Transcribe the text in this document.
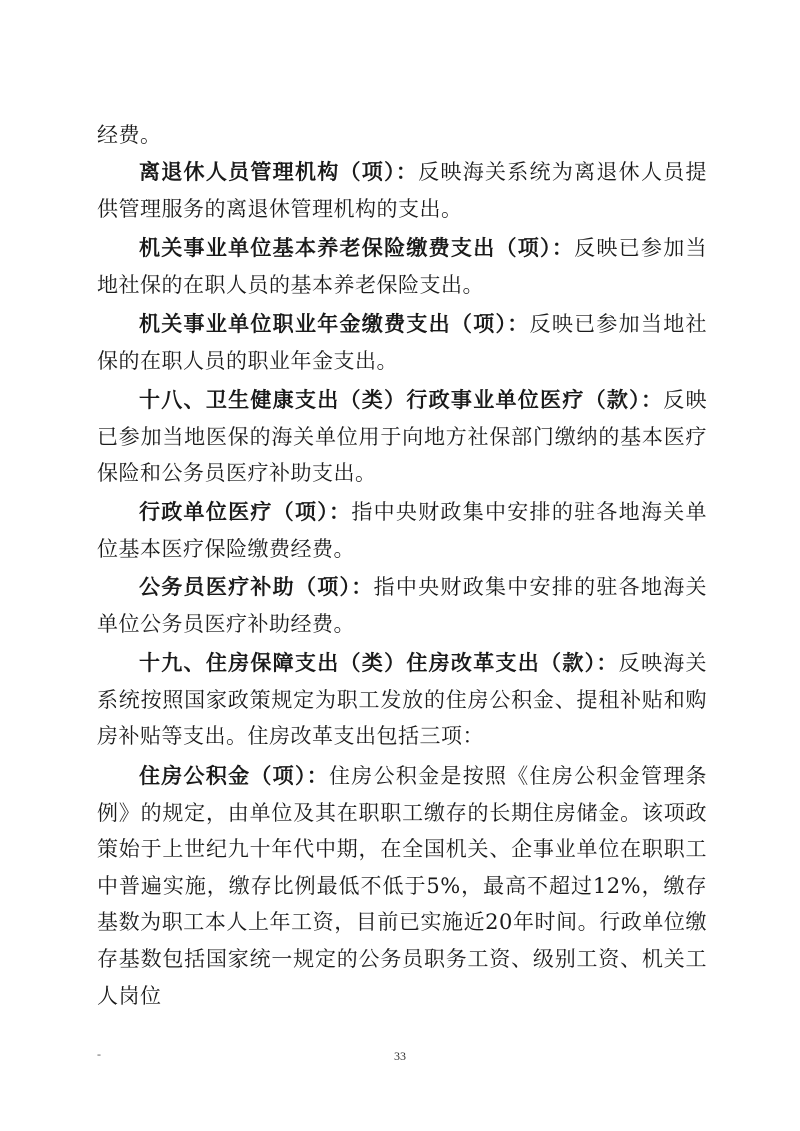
经费。

离退休人员管理机构（项）：反映海关系统为离退休人员提供管理服务的离退休管理机构的支出。

机关事业单位基本养老保险缴费支出（项）：反映已参加当地社保的在职人员的基本养老保险支出。

机关事业单位职业年金缴费支出（项）：反映已参加当地社保的在职人员的职业年金支出。

十八、卫生健康支出（类）行政事业单位医疗（款）：反映已参加当地医保的海关单位用于向地方社保部门缴纳的基本医疗保险和公务员医疗补助支出。

行政单位医疗（项）：指中央财政集中安排的驻各地海关单位基本医疗保险缴费经费。

公务员医疗补助（项）：指中央财政集中安排的驻各地海关单位公务员医疗补助经费。

十九、住房保障支出（类）住房改革支出（款）：反映海关系统按照国家政策规定为职工发放的住房公积金、提租补贴和购房补贴等支出。住房改革支出包括三项：

住房公积金（项）：住房公积金是按照《住房公积金管理条例》的规定，由单位及其在职职工缴存的长期住房储金。该项政策始于上世纪九十年代中期，在全国机关、企事业单位在职职工中普遍实施，缴存比例最低不低于5%，最高不超过12%，缴存基数为职工本人上年工资，目前已实施近20年时间。行政单位缴存基数包括国家统一规定的公务员职务工资、级别工资、机关工人岗位

-	33
